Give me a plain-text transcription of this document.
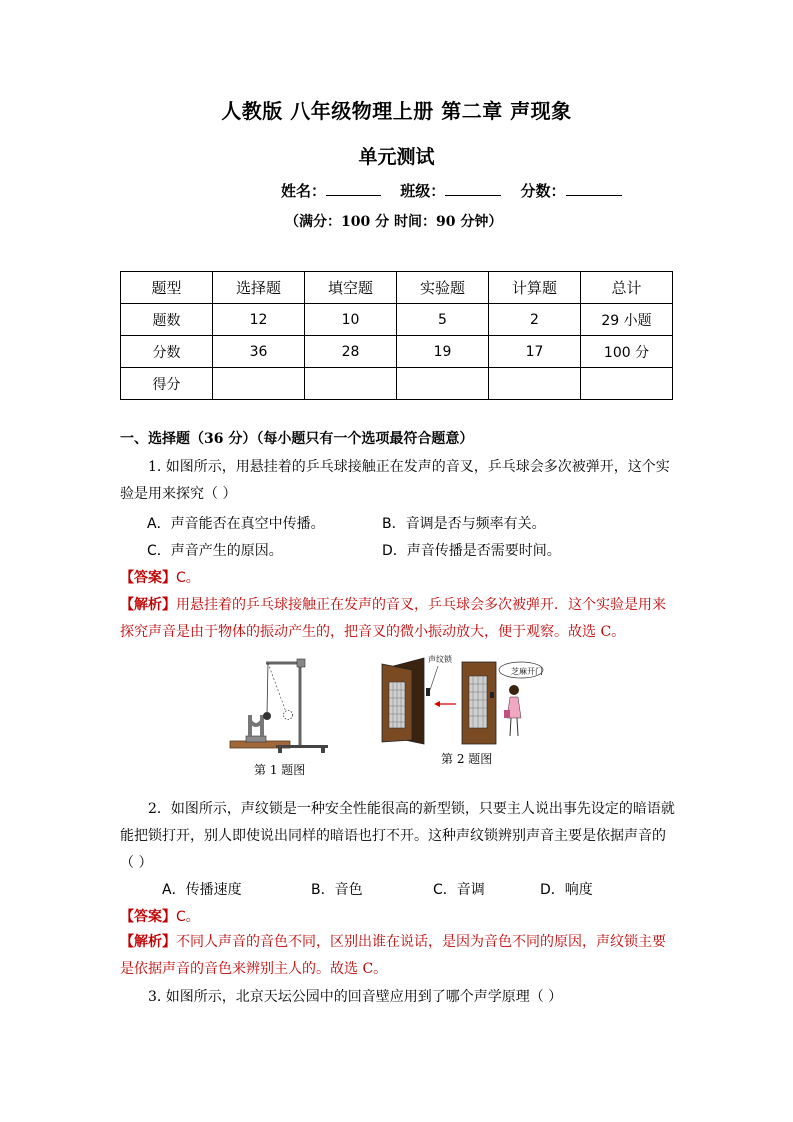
人教版 八年级物理上册 第二章 声现象
单元测试
姓名：	班级：	分数：
（满分：100 分 时间：90 分钟）
题型	选择题	填空题	实验题	计算题	总计
题数	12	10	5	2	29 小题
分数	36	28	19	17	100 分
得分					
一、选择题（36 分）（每小题只有一个选项最符合题意）
1. 如图所示，用悬挂着的乒乓球接触正在发声的音叉，乒乓球会多次被弹开，这个实验是用来探究（ ）
A．声音能否在真空中传播。	B．音调是否与频率有关。
C．声音产生的原因。	D．声音传播是否需要时间。
【答案】C。
【解析】用悬挂着的乒乓球接触正在发声的音叉，乒乓球会多次被弹开．这个实验是用来探究声音是由于物体的振动产生的，把音叉的微小振动放大，便于观察。故选 C。
第 1 题图
声纹锁
芝麻开门
第 2 题图
2．如图所示，声纹锁是一种安全性能很高的新型锁，只要主人说出事先设定的暗语就能把锁打开，别人即使说出同样的暗语也打不开。这种声纹锁辨别声音主要是依据声音的（ ）
A．传播速度	B．音色	C．音调	D．响度
【答案】C。
【解析】不同人声音的音色不同，区别出谁在说话，是因为音色不同的原因，声纹锁主要是依据声音的音色来辨别主人的。故选 C。
3. 如图所示，北京天坛公园中的回音壁应用到了哪个声学原理（ ）
